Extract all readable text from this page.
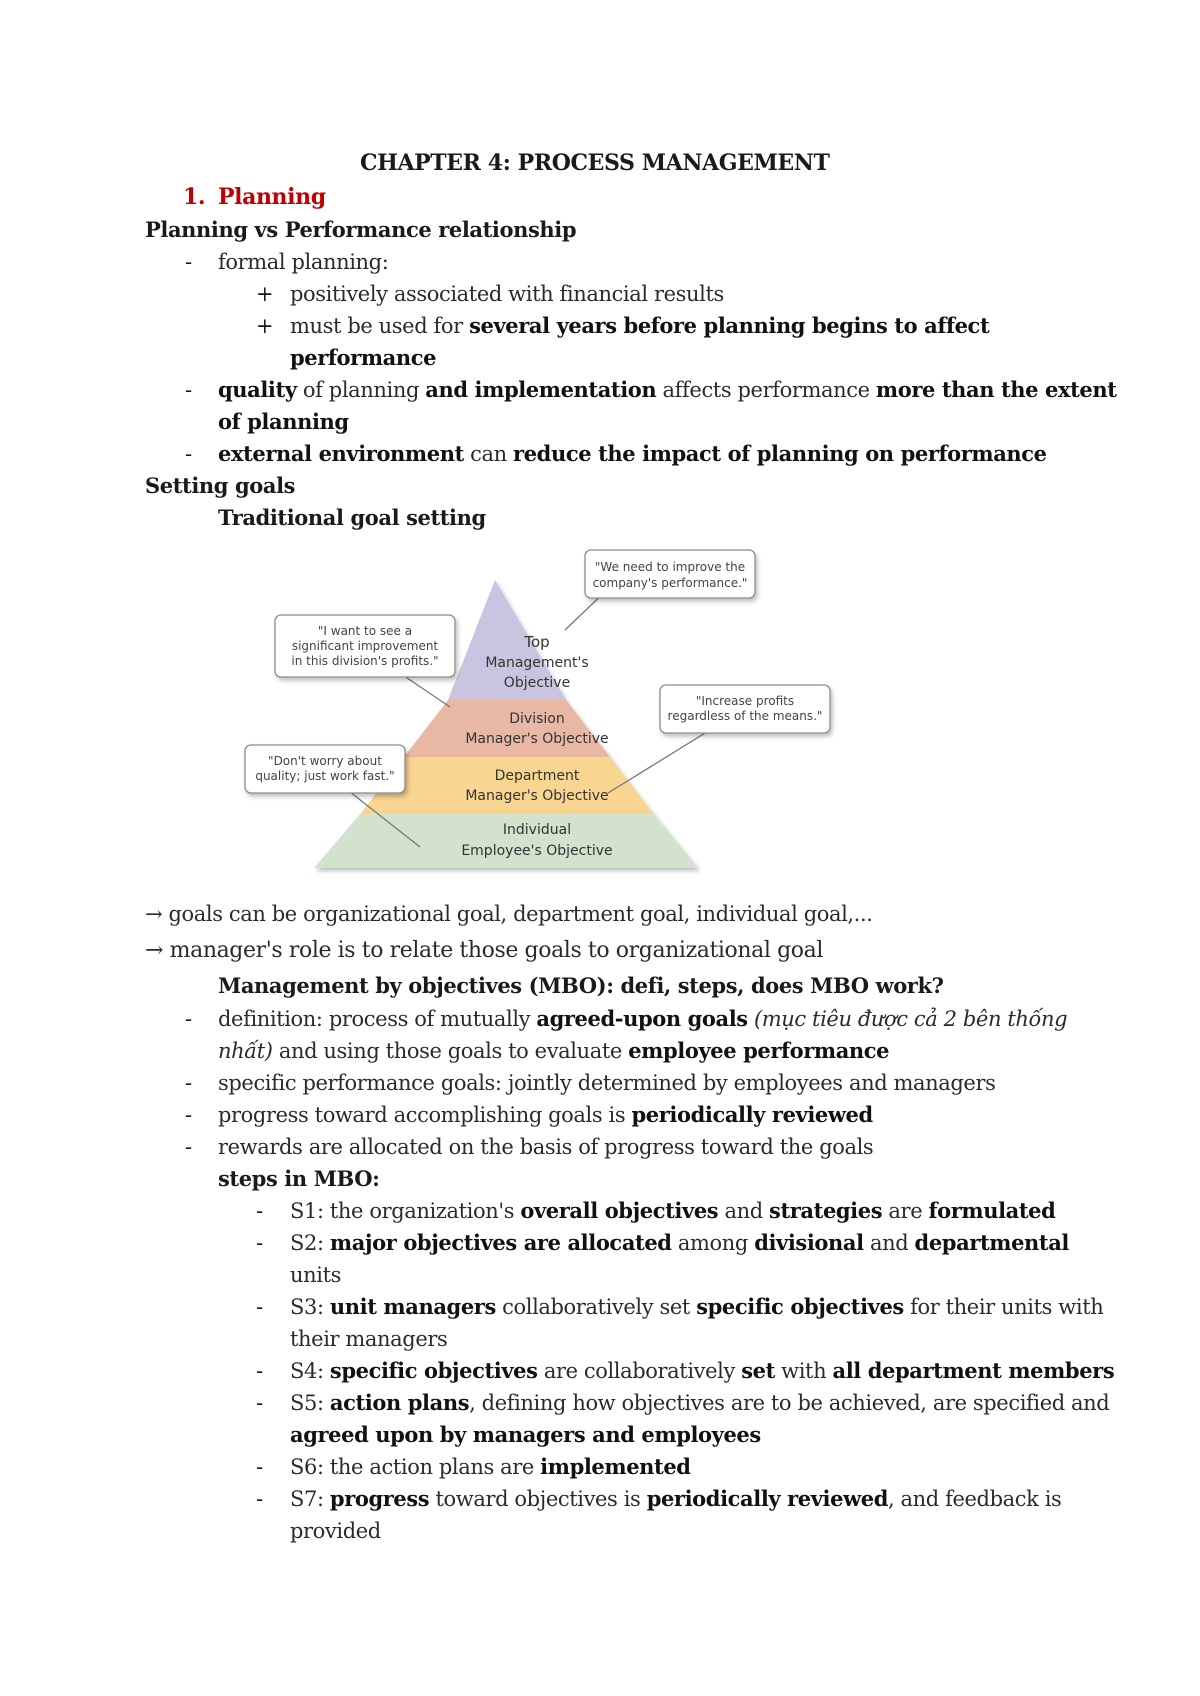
CHAPTER 4: PROCESS MANAGEMENT
1. Planning
Planning vs Performance relationship
- formal planning:
+ positively associated with financial results
+ must be used for several years before planning begins to affect
performance
- quality of planning and implementation affects performance more than the extent
of planning
- external environment can reduce the impact of planning on performance
Setting goals
Traditional goal setting
Top
Management's
Objective
Division
Manager's Objective
Department
Manager's Objective
Individual
Employee's Objective
"We need to improve the
company's performance."
"I want to see a
significant improvement
in this division's profits."
"Increase profits
regardless of the means."
"Don't worry about
quality; just work fast."
→ goals can be organizational goal, department goal, individual goal,...
→ manager's role is to relate those goals to organizational goal
Management by objectives (MBO): defi, steps, does MBO work?
- definition: process of mutually agreed-upon goals (mục tiêu được cả 2 bên thống
nhất) and using those goals to evaluate employee performance
- specific performance goals: jointly determined by employees and managers
- progress toward accomplishing goals is periodically reviewed
- rewards are allocated on the basis of progress toward the goals
steps in MBO:
- S1: the organization's overall objectives and strategies are formulated
- S2: major objectives are allocated among divisional and departmental
units
- S3: unit managers collaboratively set specific objectives for their units with
their managers
- S4: specific objectives are collaboratively set with all department members
- S5: action plans, defining how objectives are to be achieved, are specified and
agreed upon by managers and employees
- S6: the action plans are implemented
- S7: progress toward objectives is periodically reviewed, and feedback is
provided
